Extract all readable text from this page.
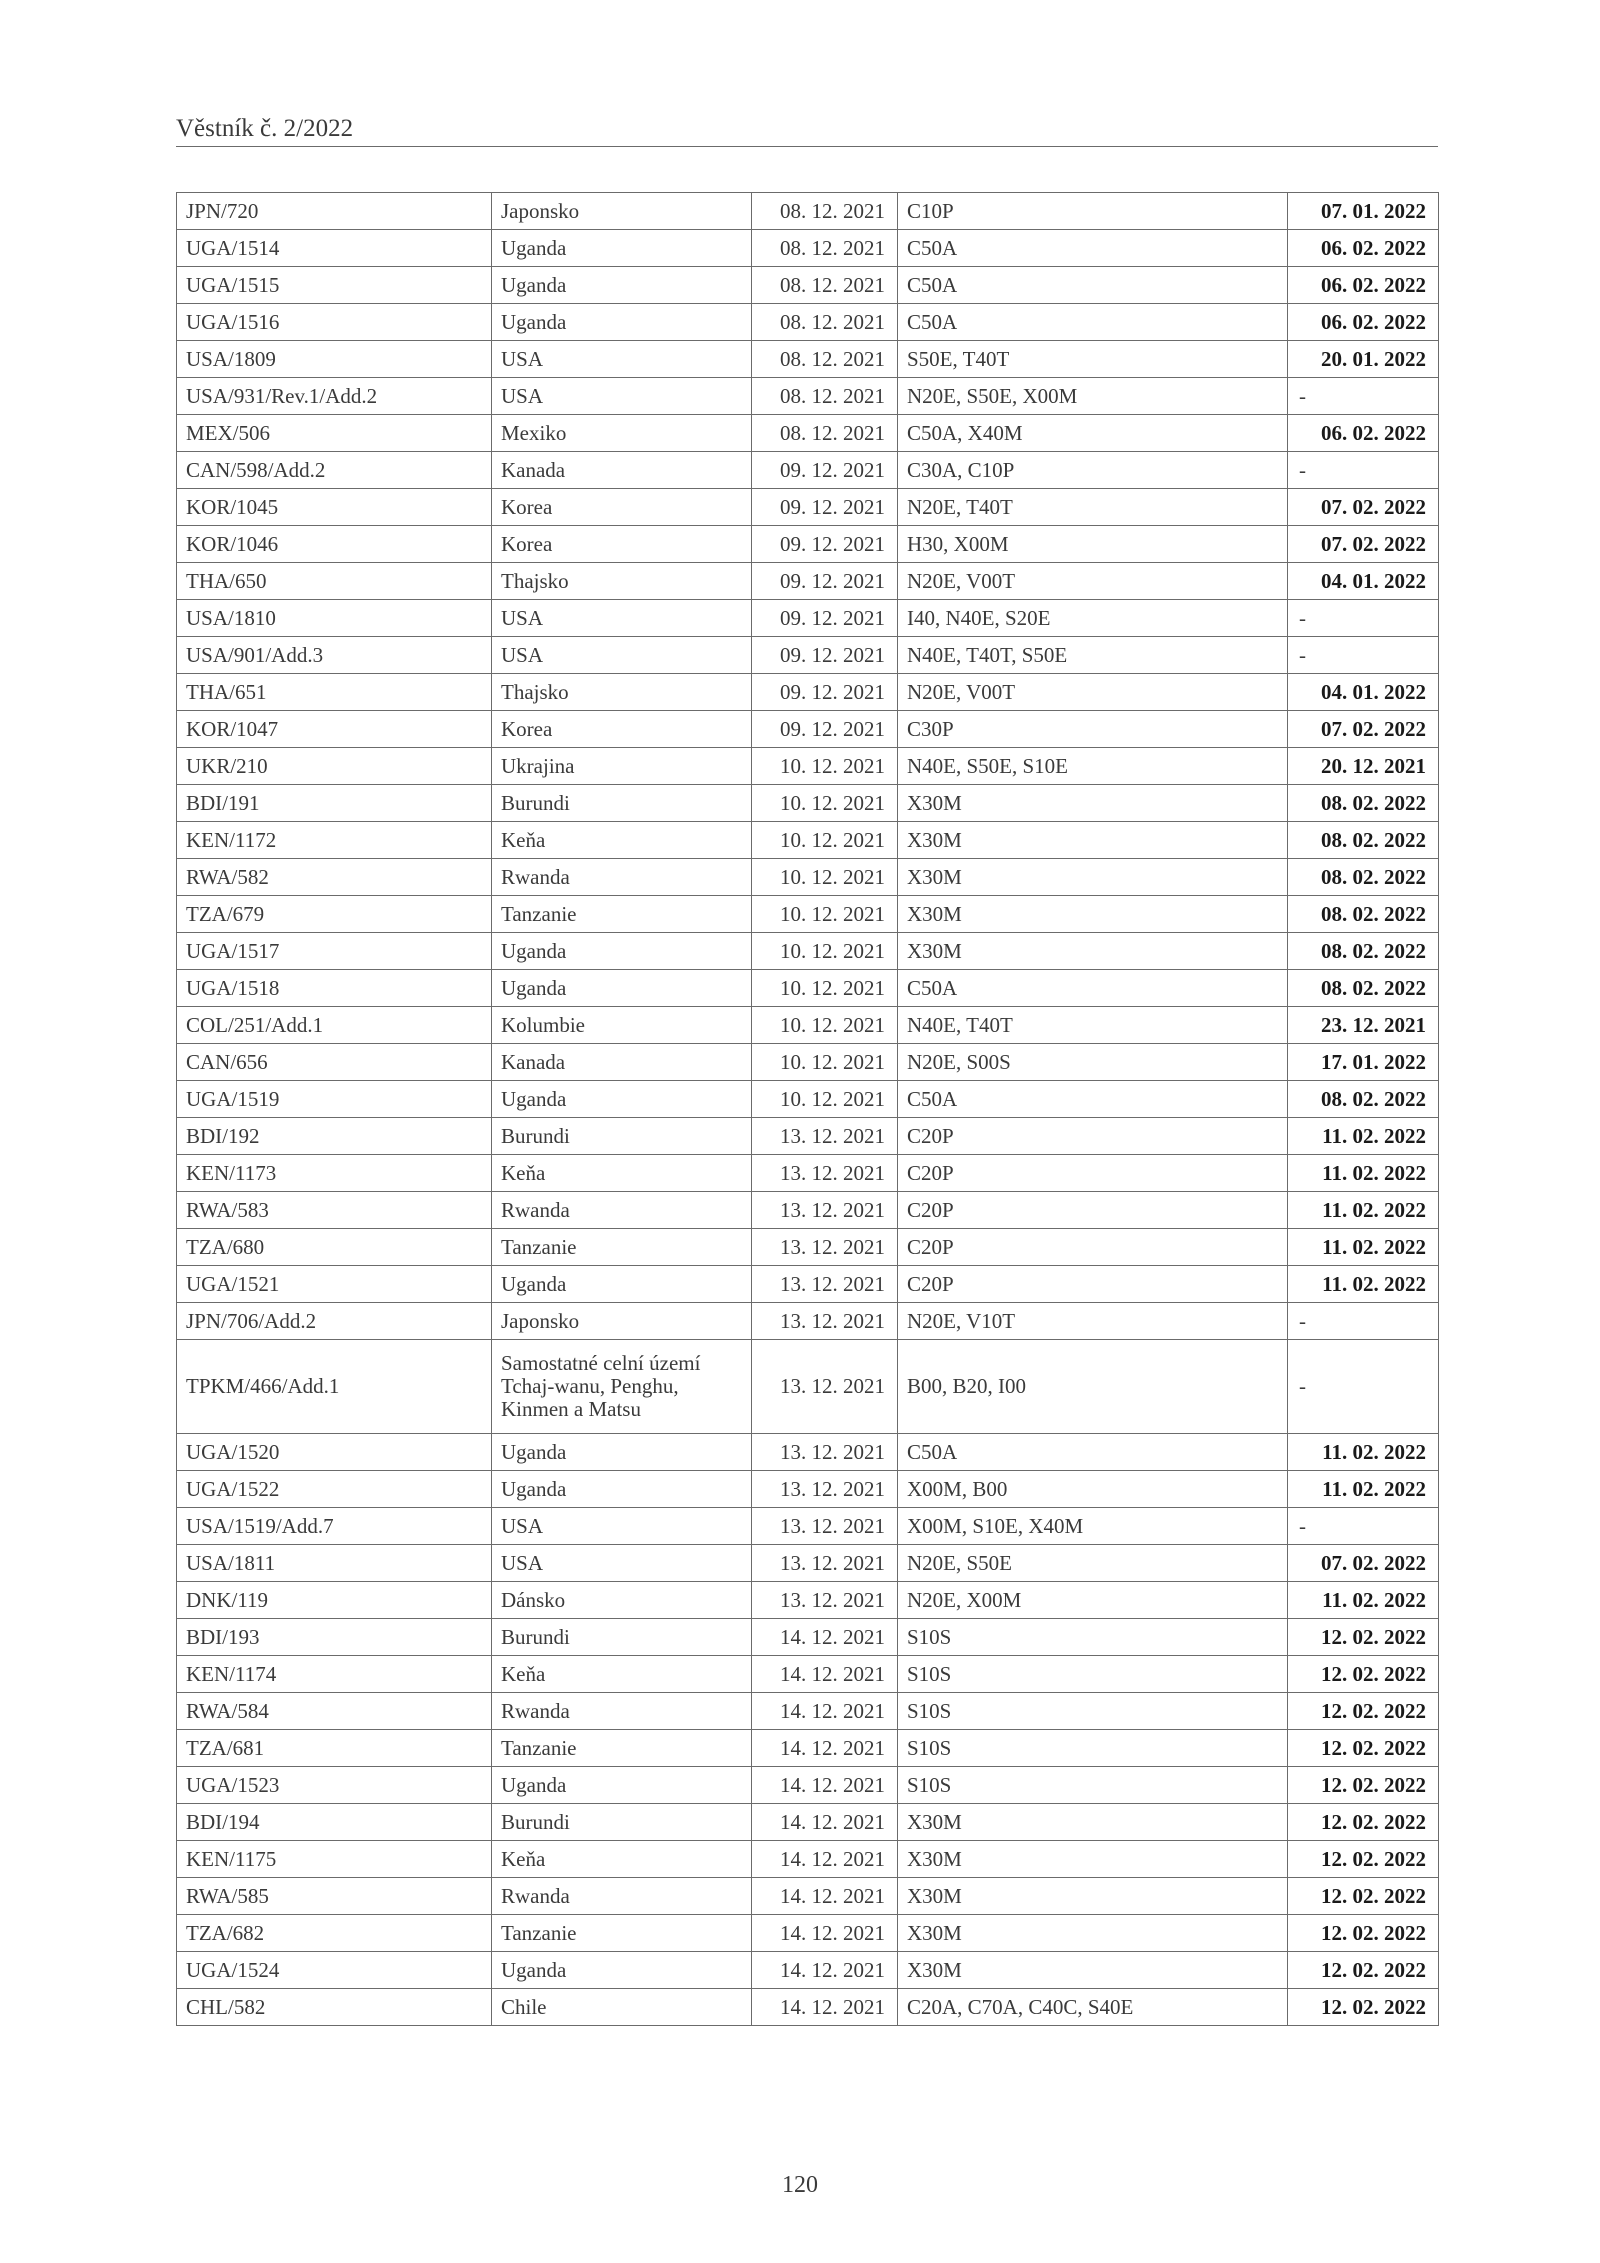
Věstník č. 2/2022
JPN/720	Japonsko	08. 12. 2021	C10P	07. 01. 2022
UGA/1514	Uganda	08. 12. 2021	C50A	06. 02. 2022
UGA/1515	Uganda	08. 12. 2021	C50A	06. 02. 2022
UGA/1516	Uganda	08. 12. 2021	C50A	06. 02. 2022
USA/1809	USA	08. 12. 2021	S50E, T40T	20. 01. 2022
USA/931/Rev.1/Add.2	USA	08. 12. 2021	N20E, S50E, X00M	-
MEX/506	Mexiko	08. 12. 2021	C50A, X40M	06. 02. 2022
CAN/598/Add.2	Kanada	09. 12. 2021	C30A, C10P	-
KOR/1045	Korea	09. 12. 2021	N20E, T40T	07. 02. 2022
KOR/1046	Korea	09. 12. 2021	H30, X00M	07. 02. 2022
THA/650	Thajsko	09. 12. 2021	N20E, V00T	04. 01. 2022
USA/1810	USA	09. 12. 2021	I40, N40E, S20E	-
USA/901/Add.3	USA	09. 12. 2021	N40E, T40T, S50E	-
THA/651	Thajsko	09. 12. 2021	N20E, V00T	04. 01. 2022
KOR/1047	Korea	09. 12. 2021	C30P	07. 02. 2022
UKR/210	Ukrajina	10. 12. 2021	N40E, S50E, S10E	20. 12. 2021
BDI/191	Burundi	10. 12. 2021	X30M	08. 02. 2022
KEN/1172	Keňa	10. 12. 2021	X30M	08. 02. 2022
RWA/582	Rwanda	10. 12. 2021	X30M	08. 02. 2022
TZA/679	Tanzanie	10. 12. 2021	X30M	08. 02. 2022
UGA/1517	Uganda	10. 12. 2021	X30M	08. 02. 2022
UGA/1518	Uganda	10. 12. 2021	C50A	08. 02. 2022
COL/251/Add.1	Kolumbie	10. 12. 2021	N40E, T40T	23. 12. 2021
CAN/656	Kanada	10. 12. 2021	N20E, S00S	17. 01. 2022
UGA/1519	Uganda	10. 12. 2021	C50A	08. 02. 2022
BDI/192	Burundi	13. 12. 2021	C20P	11. 02. 2022
KEN/1173	Keňa	13. 12. 2021	C20P	11. 02. 2022
RWA/583	Rwanda	13. 12. 2021	C20P	11. 02. 2022
TZA/680	Tanzanie	13. 12. 2021	C20P	11. 02. 2022
UGA/1521	Uganda	13. 12. 2021	C20P	11. 02. 2022
JPN/706/Add.2	Japonsko	13. 12. 2021	N20E, V10T	-
TPKM/466/Add.1	Samostatné celní území Tchaj-wanu, Penghu, Kinmen a Matsu	13. 12. 2021	B00, B20, I00	-
UGA/1520	Uganda	13. 12. 2021	C50A	11. 02. 2022
UGA/1522	Uganda	13. 12. 2021	X00M, B00	11. 02. 2022
USA/1519/Add.7	USA	13. 12. 2021	X00M, S10E, X40M	-
USA/1811	USA	13. 12. 2021	N20E, S50E	07. 02. 2022
DNK/119	Dánsko	13. 12. 2021	N20E, X00M	11. 02. 2022
BDI/193	Burundi	14. 12. 2021	S10S	12. 02. 2022
KEN/1174	Keňa	14. 12. 2021	S10S	12. 02. 2022
RWA/584	Rwanda	14. 12. 2021	S10S	12. 02. 2022
TZA/681	Tanzanie	14. 12. 2021	S10S	12. 02. 2022
UGA/1523	Uganda	14. 12. 2021	S10S	12. 02. 2022
BDI/194	Burundi	14. 12. 2021	X30M	12. 02. 2022
KEN/1175	Keňa	14. 12. 2021	X30M	12. 02. 2022
RWA/585	Rwanda	14. 12. 2021	X30M	12. 02. 2022
TZA/682	Tanzanie	14. 12. 2021	X30M	12. 02. 2022
UGA/1524	Uganda	14. 12. 2021	X30M	12. 02. 2022
CHL/582	Chile	14. 12. 2021	C20A, C70A, C40C, S40E	12. 02. 2022
120
